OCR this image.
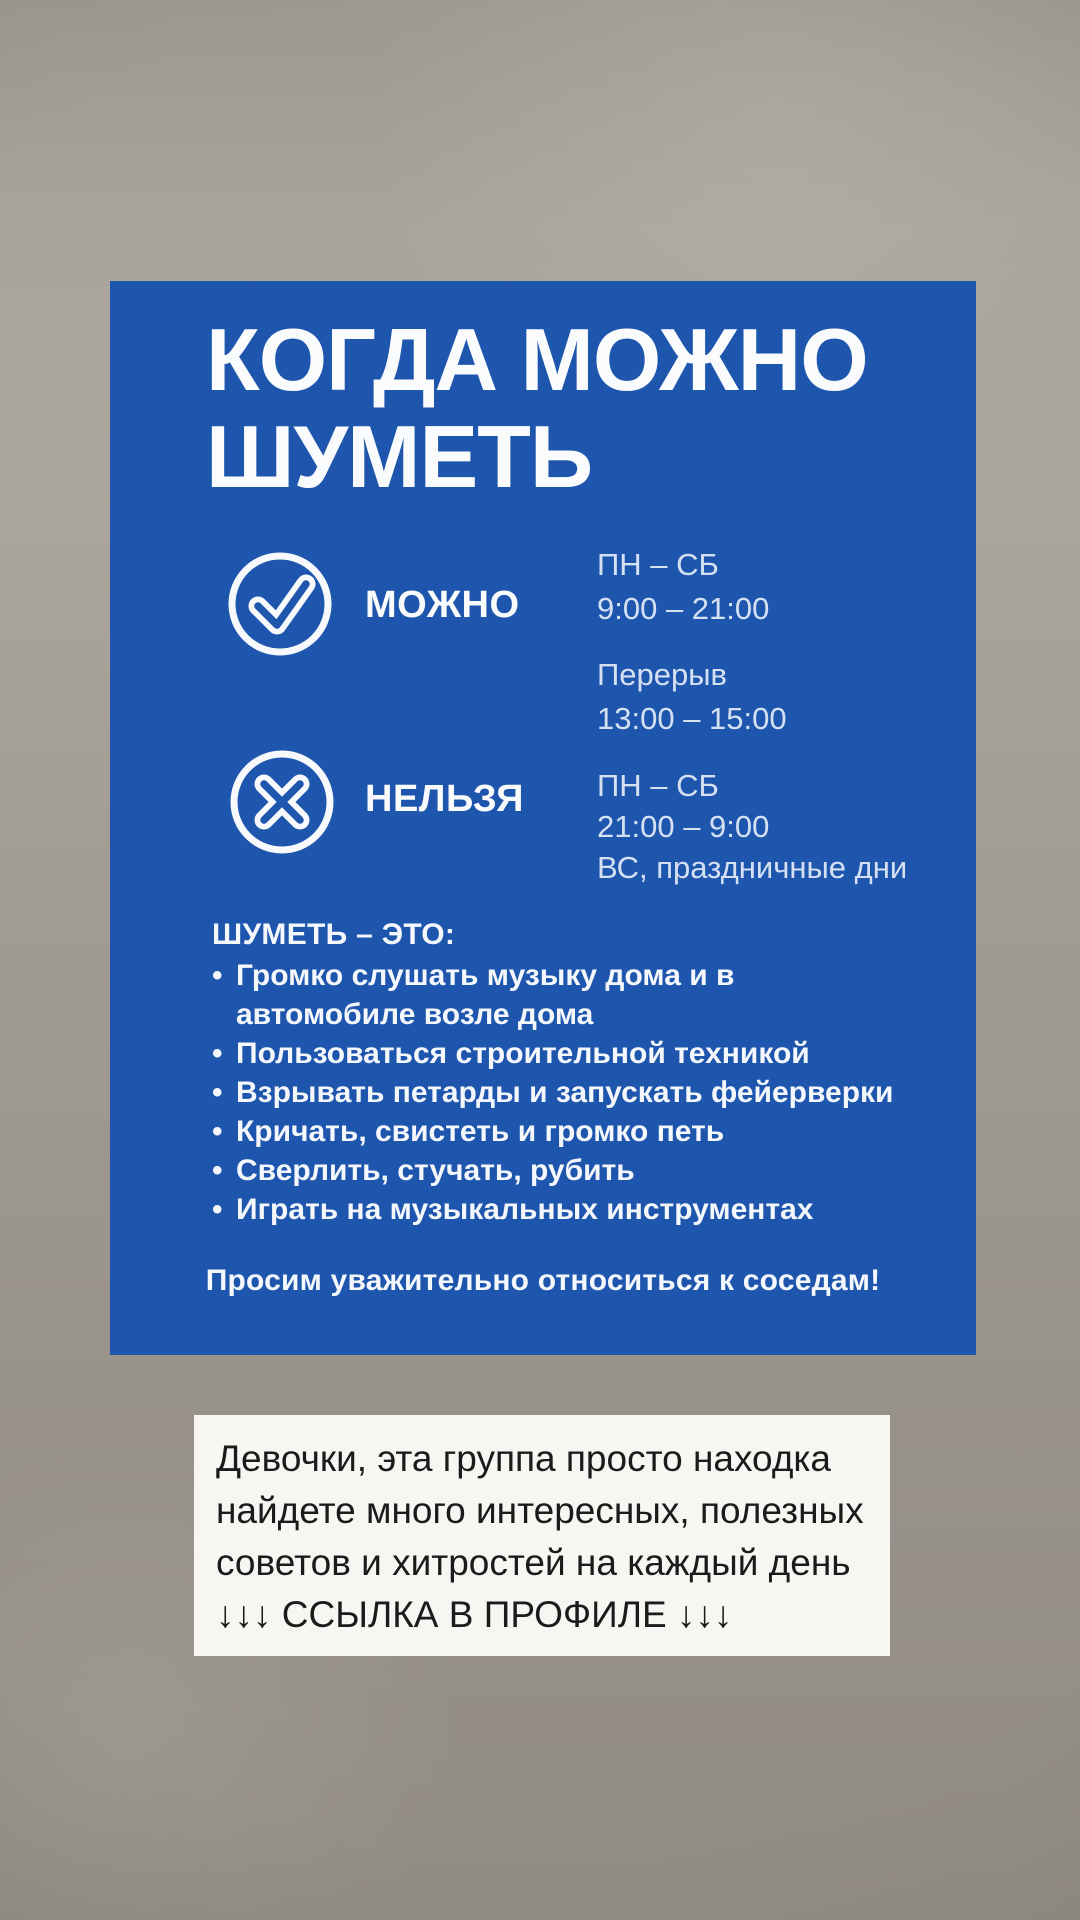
КОГДА МОЖНО
ШУМЕТЬ
МОЖНО
ПН – СБ
9:00 – 21:00
Перерыв
13:00 – 15:00
НЕЛЬЗЯ ПН – СБ
21:00 – 9:00
ВС, праздничные дни
ШУМЕТЬ – ЭТО:
• Громко слушать музыку дома и в автомобиле возле дома
• Пользоваться строительной техникой
• Взрывать петарды и запускать фейерверки
• Кричать, свистеть и громко петь
• Сверлить, стучать, рубить
• Играть на музыкальных инструментах
Просим уважительно относиться к соседам!
Девочки, эта группа просто находка
найдете много интересных, полезных
советов и хитростей на каждый день
↓↓↓ ССЫЛКА В ПРОФИЛЕ ↓↓↓
